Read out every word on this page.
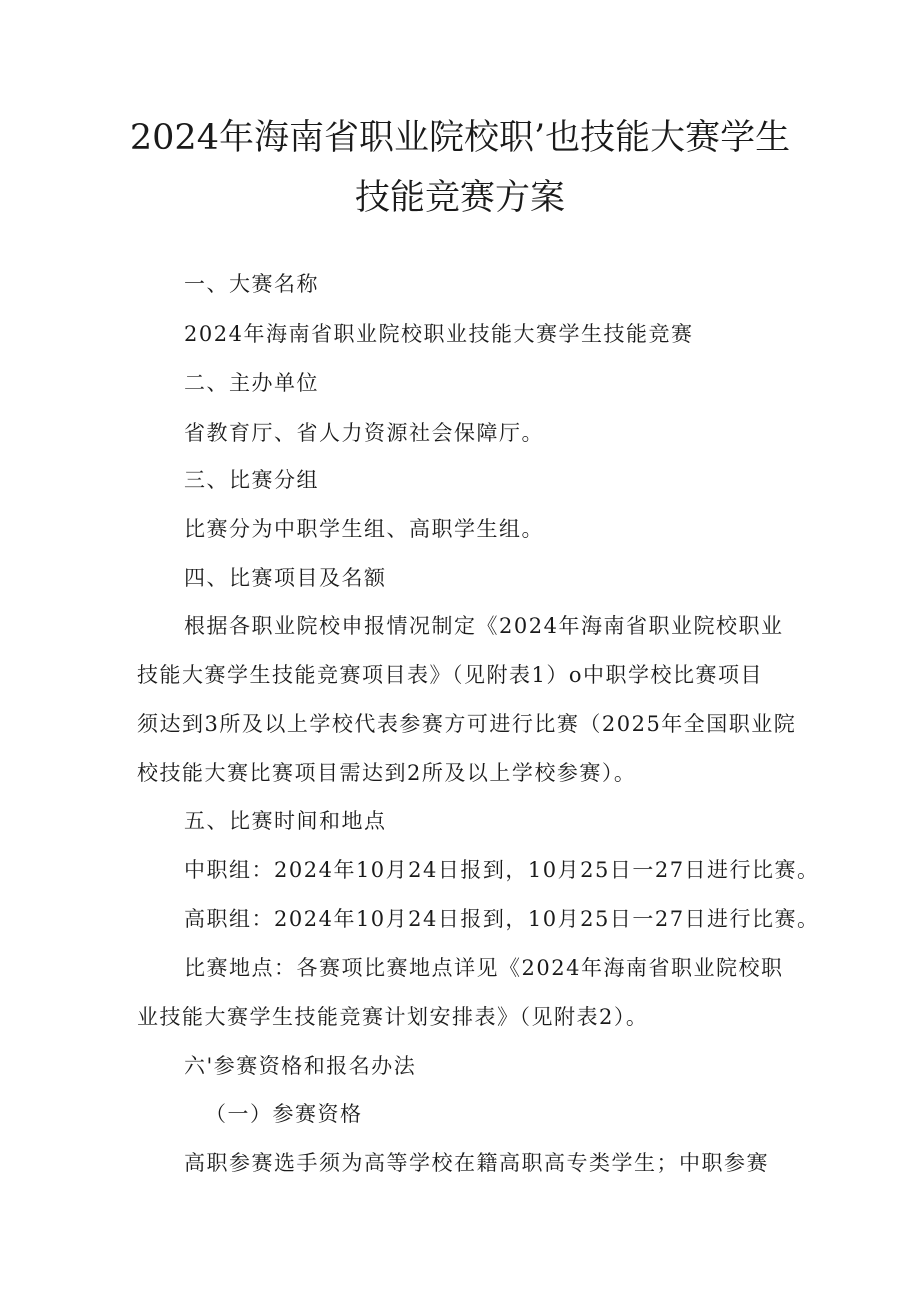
2024年海南省职业院校职’也技能大赛学生
技能竞赛方案
一、大赛名称
2024年海南省职业院校职业技能大赛学生技能竞赛
二、主办单位
省教育厅、省人力资源社会保障厅。
三、比赛分组
比赛分为中职学生组、高职学生组。
四、比赛项目及名额
根据各职业院校申报情况制定《2024年海南省职业院校职业
技能大赛学生技能竞赛项目表》（见附表1）o中职学校比赛项目
须达到3所及以上学校代表参赛方可进行比赛（2025年全国职业院
校技能大赛比赛项目需达到2所及以上学校参赛）。
五、比赛时间和地点
中职组：2024年10月24日报到，10月25日一27日进行比赛。
高职组：2024年10月24日报到，10月25日一27日进行比赛。
比赛地点：各赛项比赛地点详见《2024年海南省职业院校职
业技能大赛学生技能竞赛计划安排表》（见附表2）。
六'参赛资格和报名办法
（一）参赛资格
高职参赛选手须为高等学校在籍高职高专类学生；中职参赛
